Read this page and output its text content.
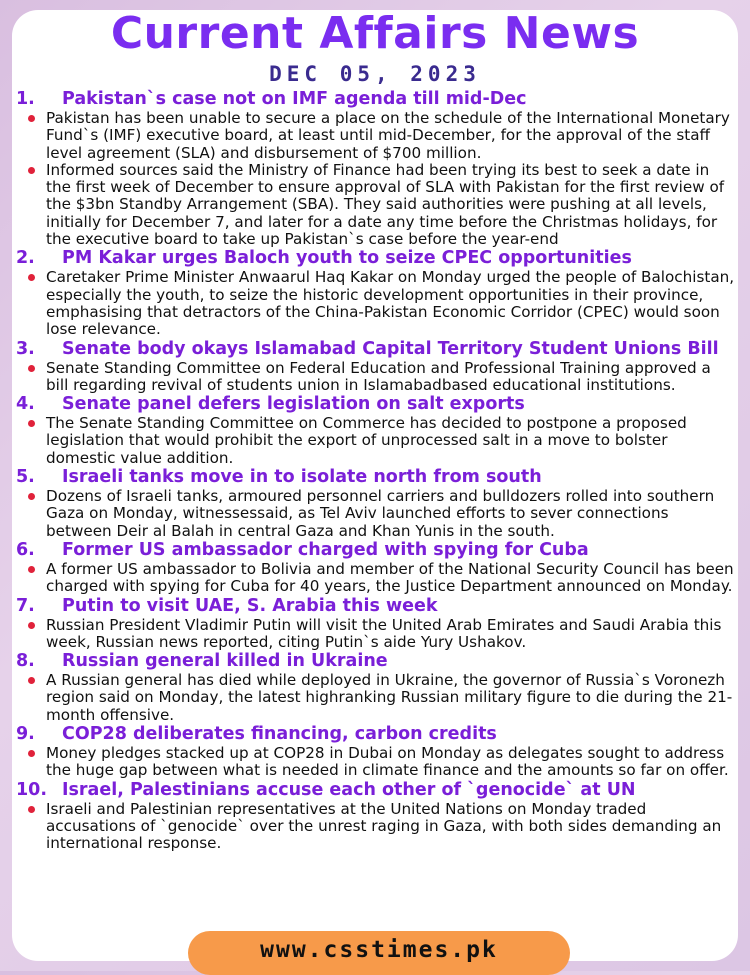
Current Affairs News
DEC 05, 2023
1.	Pakistan`s case not on IMF agenda till mid-Dec
Pakistan has been unable to secure a place on the schedule of the International Monetary Fund`s (IMF) executive board, at least until mid-December, for the approval of the staff level agreement (SLA) and disbursement of $700 million.
Informed sources said the Ministry of Finance had been trying its best to seek a date in the first week of December to ensure approval of SLA with Pakistan for the first review of the $3bn Standby Arrangement (SBA). They said authorities were pushing at all levels, initially for December 7, and later for a date any time before the Christmas holidays, for the executive board to take up Pakistan`s case before the year-end
2.	PM Kakar urges Baloch youth to seize CPEC opportunities
Caretaker Prime Minister Anwaarul Haq Kakar on Monday urged the people of Balochistan, especially the youth, to seize the historic development opportunities in their province, emphasising that detractors of the China-Pakistan Economic Corridor (CPEC) would soon lose relevance.
3.	Senate body okays Islamabad Capital Territory Student Unions Bill
Senate Standing Committee on Federal Education and Professional Training approved a bill regarding revival of students union in Islamabadbased educational institutions.
4.	Senate panel defers legislation on salt exports
The Senate Standing Committee on Commerce has decided to postpone a proposed legislation that would prohibit the export of unprocessed salt in a move to bolster domestic value addition.
5.	Israeli tanks move in to isolate north from south
Dozens of Israeli tanks, armoured personnel carriers and bulldozers rolled into southern Gaza on Monday, witnessessaid, as Tel Aviv launched efforts to sever connections between Deir al Balah in central Gaza and Khan Yunis in the south.
6.	Former US ambassador charged with spying for Cuba
A former US ambassador to Bolivia and member of the National Security Council has been charged with spying for Cuba for 40 years, the Justice Department announced on Monday.
7.	Putin to visit UAE, S. Arabia this week
Russian President Vladimir Putin will visit the United Arab Emirates and Saudi Arabia this week, Russian news reported, citing Putin`s aide Yury Ushakov.
8.	Russian general killed in Ukraine
A Russian general has died while deployed in Ukraine, the governor of Russia`s Voronezh region said on Monday, the latest highranking Russian military figure to die during the 21-month offensive.
9.	COP28 deliberates financing, carbon credits
Money pledges stacked up at COP28 in Dubai on Monday as delegates sought to address the huge gap between what is needed in climate finance and the amounts so far on offer.
10. Israel, Palestinians accuse each other of `genocide` at UN
Israeli and Palestinian representatives at the United Nations on Monday traded accusations of `genocide` over the unrest raging in Gaza, with both sides demanding an international response.
www.csstimes.pk
